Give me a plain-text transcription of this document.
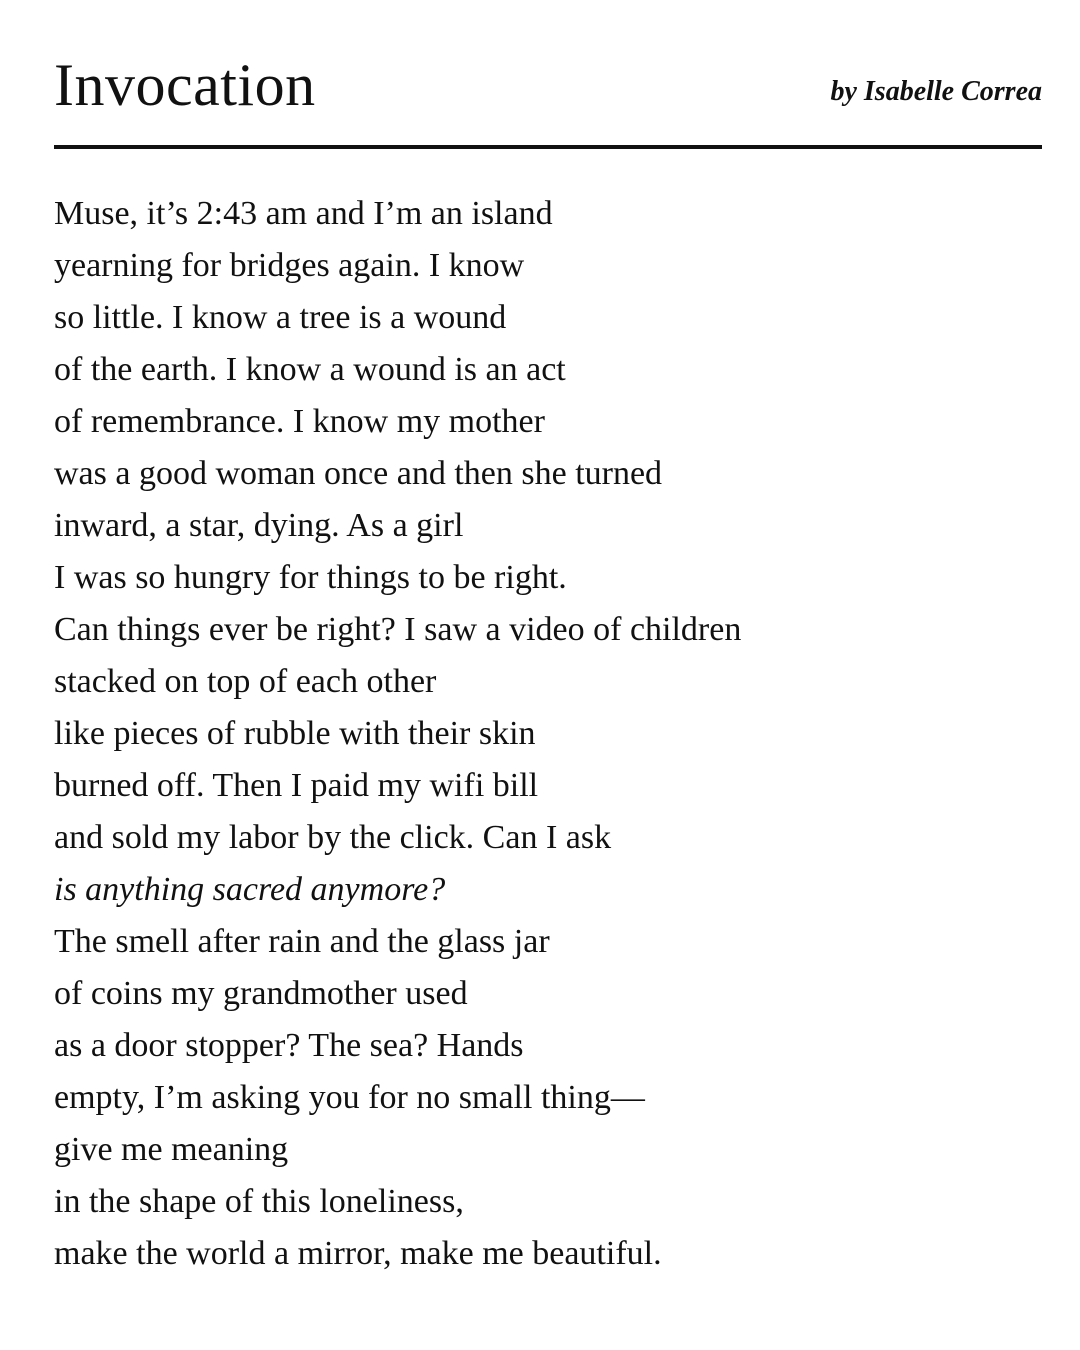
Invocation	by Isabelle Correa
Muse, it’s 2:43 am and I’m an island
yearning for bridges again. I know
so little. I know a tree is a wound
of the earth. I know a wound is an act
of remembrance. I know my mother
was a good woman once and then she turned
inward, a star, dying. As a girl
I was so hungry for things to be right.
Can things ever be right? I saw a video of children
stacked on top of each other
like pieces of rubble with their skin
burned off. Then I paid my wifi bill
and sold my labor by the click. Can I ask
is anything sacred anymore?
The smell after rain and the glass jar
of coins my grandmother used
as a door stopper? The sea? Hands
empty, I’m asking you for no small thing—
give me meaning
in the shape of this loneliness,
make the world a mirror, make me beautiful.
